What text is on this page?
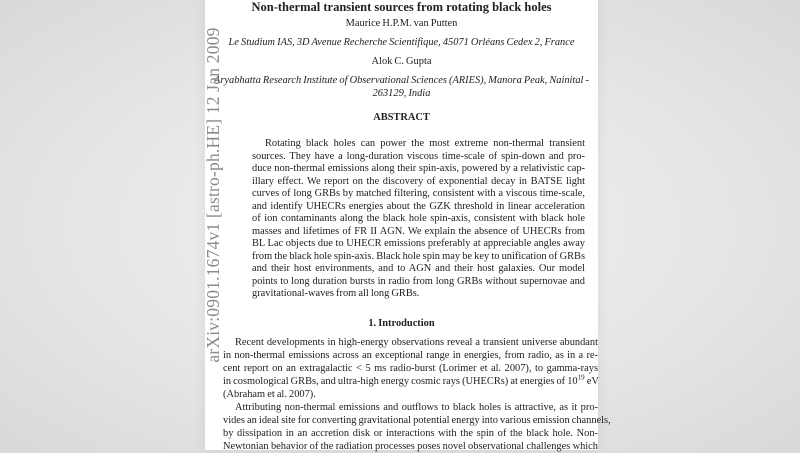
Non-thermal transient sources from rotating black holes
Maurice H.P.M. van Putten
Le Studium IAS, 3D Avenue Recherche Scientifique, 45071 Orléans Cedex 2, France
Alok C. Gupta
Aryabhatta Research Institute of Observational Sciences (ARIES), Manora Peak, Nainital -
263129, India
ABSTRACT
Rotating black holes can power the most extreme non-thermal transient
sources. They have a long-duration viscous time-scale of spin-down and pro-
duce non-thermal emissions along their spin-axis, powered by a relativistic cap-
illary effect. We report on the discovery of exponential decay in BATSE light
curves of long GRBs by matched filtering, consistent with a viscous time-scale,
and identify UHECRs energies about the GZK threshold in linear acceleration
of ion contaminants along the black hole spin-axis, consistent with black hole
masses and lifetimes of FR II AGN. We explain the absence of UHECRs from
BL Lac objects due to UHECR emissions preferably at appreciable angles away
from the black hole spin-axis. Black hole spin may be key to unification of GRBs
and their host environments, and to AGN and their host galaxies. Our model
points to long duration bursts in radio from long GRBs without supernovae and
gravitational-waves from all long GRBs.
1. Introduction
Recent developments in high-energy observations reveal a transient universe abundant
in non-thermal emissions across an exceptional range in energies, from radio, as in a re-
cent report on an extragalactic < 5 ms radio-burst (Lorimer et al. 2007), to gamma-rays
in cosmological GRBs, and ultra-high energy cosmic rays (UHECRs) at energies of $10^{19}$ eV
(Abraham et al. 2007).
Attributing non-thermal emissions and outflows to black holes is attractive, as it pro-
vides an ideal site for converting gravitational potential energy into various emission channels,
by dissipation in an accretion disk or interactions with the spin of the black hole. Non-
Newtonian behavior of the radiation processes poses novel observational challenges which
arXiv:0901.1674v1 [astro-ph.HE] 12 Jan 2009
